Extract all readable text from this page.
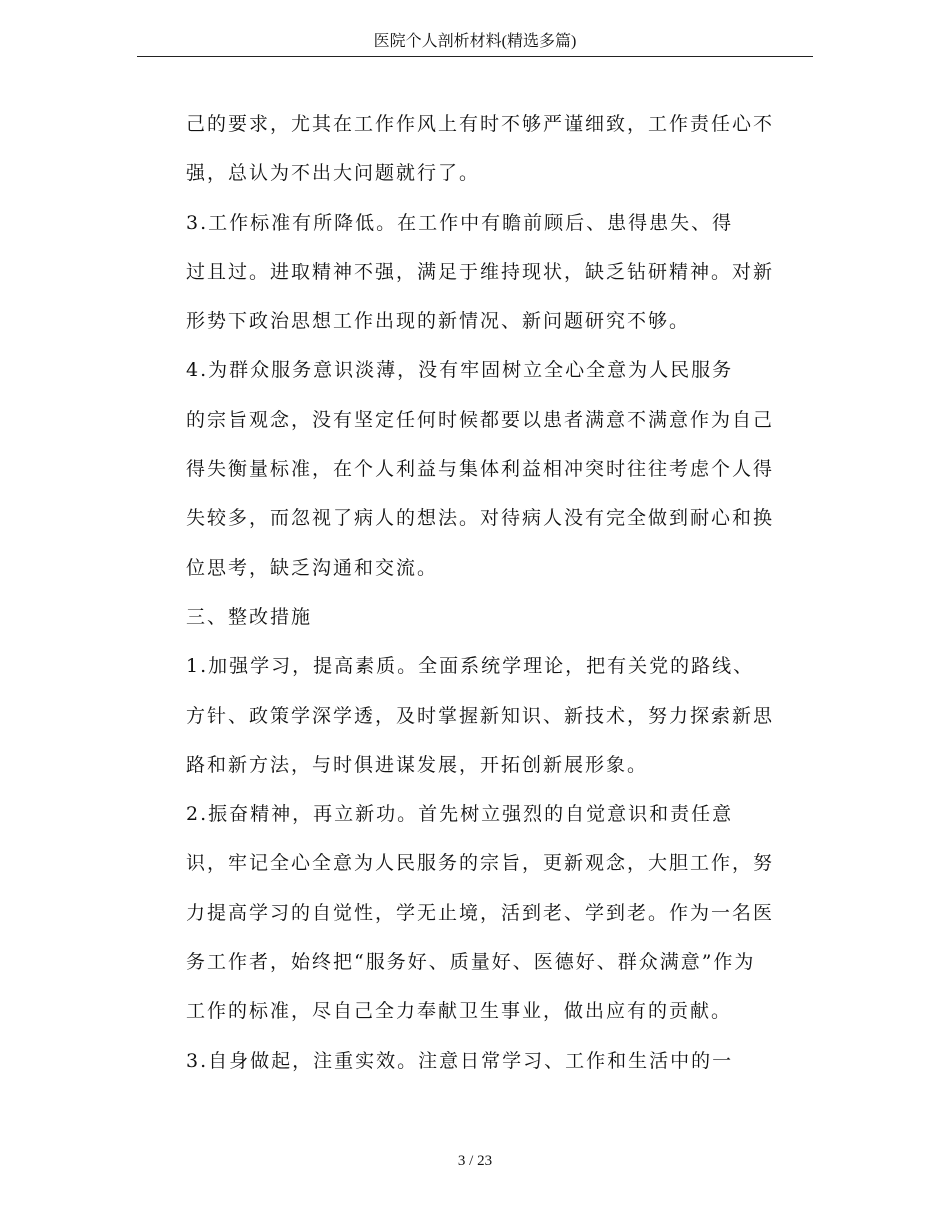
医院个人剖析材料(精选多篇)
己的要求，尤其在工作作风上有时不够严谨细致，工作责任心不
强，总认为不出大问题就行了。
3.工作标准有所降低。在工作中有瞻前顾后、患得患失、得
过且过。进取精神不强，满足于维持现状，缺乏钻研精神。对新
形势下政治思想工作出现的新情况、新问题研究不够。
4.为群众服务意识淡薄，没有牢固树立全心全意为人民服务
的宗旨观念，没有坚定任何时候都要以患者满意不满意作为自己
得失衡量标准，在个人利益与集体利益相冲突时往往考虑个人得
失较多，而忽视了病人的想法。对待病人没有完全做到耐心和换
位思考，缺乏沟通和交流。
三、整改措施
1.加强学习，提高素质。全面系统学理论，把有关党的路线、
方针、政策学深学透，及时掌握新知识、新技术，努力探索新思
路和新方法，与时俱进谋发展，开拓创新展形象。
2.振奋精神，再立新功。首先树立强烈的自觉意识和责任意
识，牢记全心全意为人民服务的宗旨，更新观念，大胆工作，努
力提高学习的自觉性，学无止境，活到老、学到老。作为一名医
务工作者，始终把“服务好、质量好、医德好、群众满意”作为
工作的标准，尽自己全力奉献卫生事业，做出应有的贡献。
3.自身做起，注重实效。注意日常学习、工作和生活中的一
3 / 23
